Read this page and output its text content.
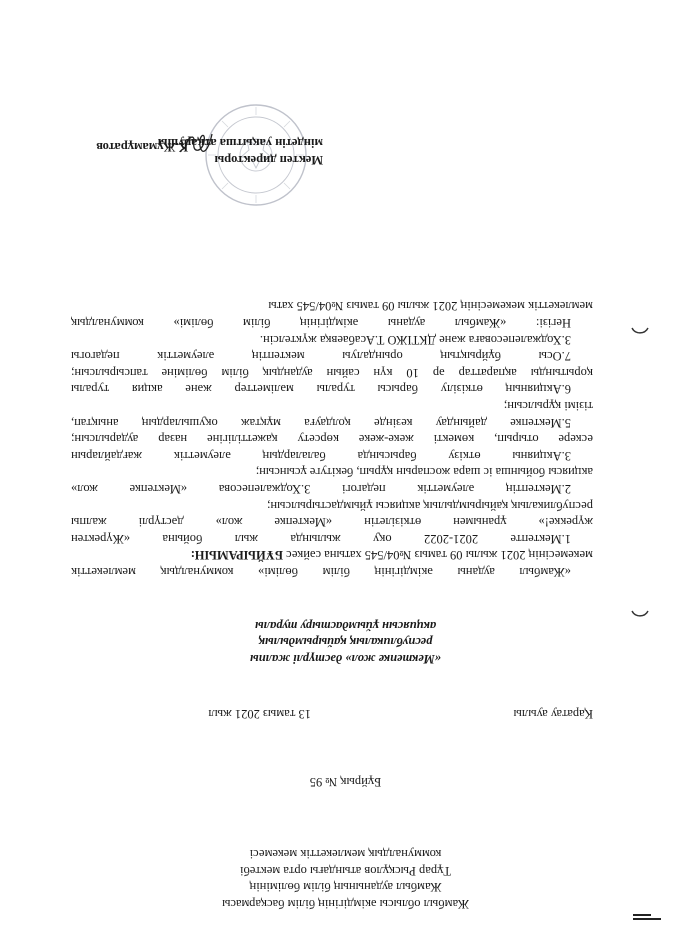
Жамбыл облысы әкімдігінің білім басқармасы
Жамбыл ауданының білім бөлімінің
Тұрар Рысқұлов атындағы орта мектебі
коммуналдық мемлекеттік мекемесі
Бұйрық № 95
Қаратау ауылы
13 тамыз 2021 жыл
«Мектепке жол» дәстүрлі жалпы
республикалық қайырымдылық
акциясын ұйымдастыру туралы
«Жамбыл ауданы әкімдігінің білім бөлімі» коммуналдық мемлекеттік
мекемесінің 2021 жылы 09 тамыз №04/545 хатына сәйкес БҰЙЫРАМЫН:
1.Мектепте 2021-2022 оқу жылында жыл бойына «Жүректен
жүрекке!» ұранымен өткізілетін «Мектепке жол» дәстүрлі жалпы
республикалық қайырымдылық акциясы ұйымдастырылсын;
2.Мектептің әлеуметтік педагогі З.Ходжалепесова «Мектепке жол»
акциясы бойынша іс шара жоспарын құрып, бекітуге ұсынсын;
3.Акцияны өткізу барысында балалардың әлеуметтік жағдайларын
ескере отырып, көмекті жеке-жеке көрсету қажеттілігіне назар аударылсын;
5.Мектепке дайындау кезінде қолдауға мұқтаж оқушылардың анықтап,
тізімі құрылсын;
6.Акцияның өткізілу барысы туралы мәліметтер және акция туралы
қорытынды ақпараттар әр 10 күн сайын аудандық білім бөліміне тапсырылсын;
7.Осы бұйрықтың орындалуы мектептің әлеуметтік педагогы
З.Ходжалепесоваға және ДКТІЖО Т.Асабаевқа жүктелсін.
Негізі: «Жамбыл ауданы әкімдігінің білім бөлімі» коммуналдық
мемлекеттік мекемесінің 2021 жылы 09 тамыз №04/545 хаты
Мектеп директоры
міндетін уақытша атқарушы
К.Жұмамұратов
